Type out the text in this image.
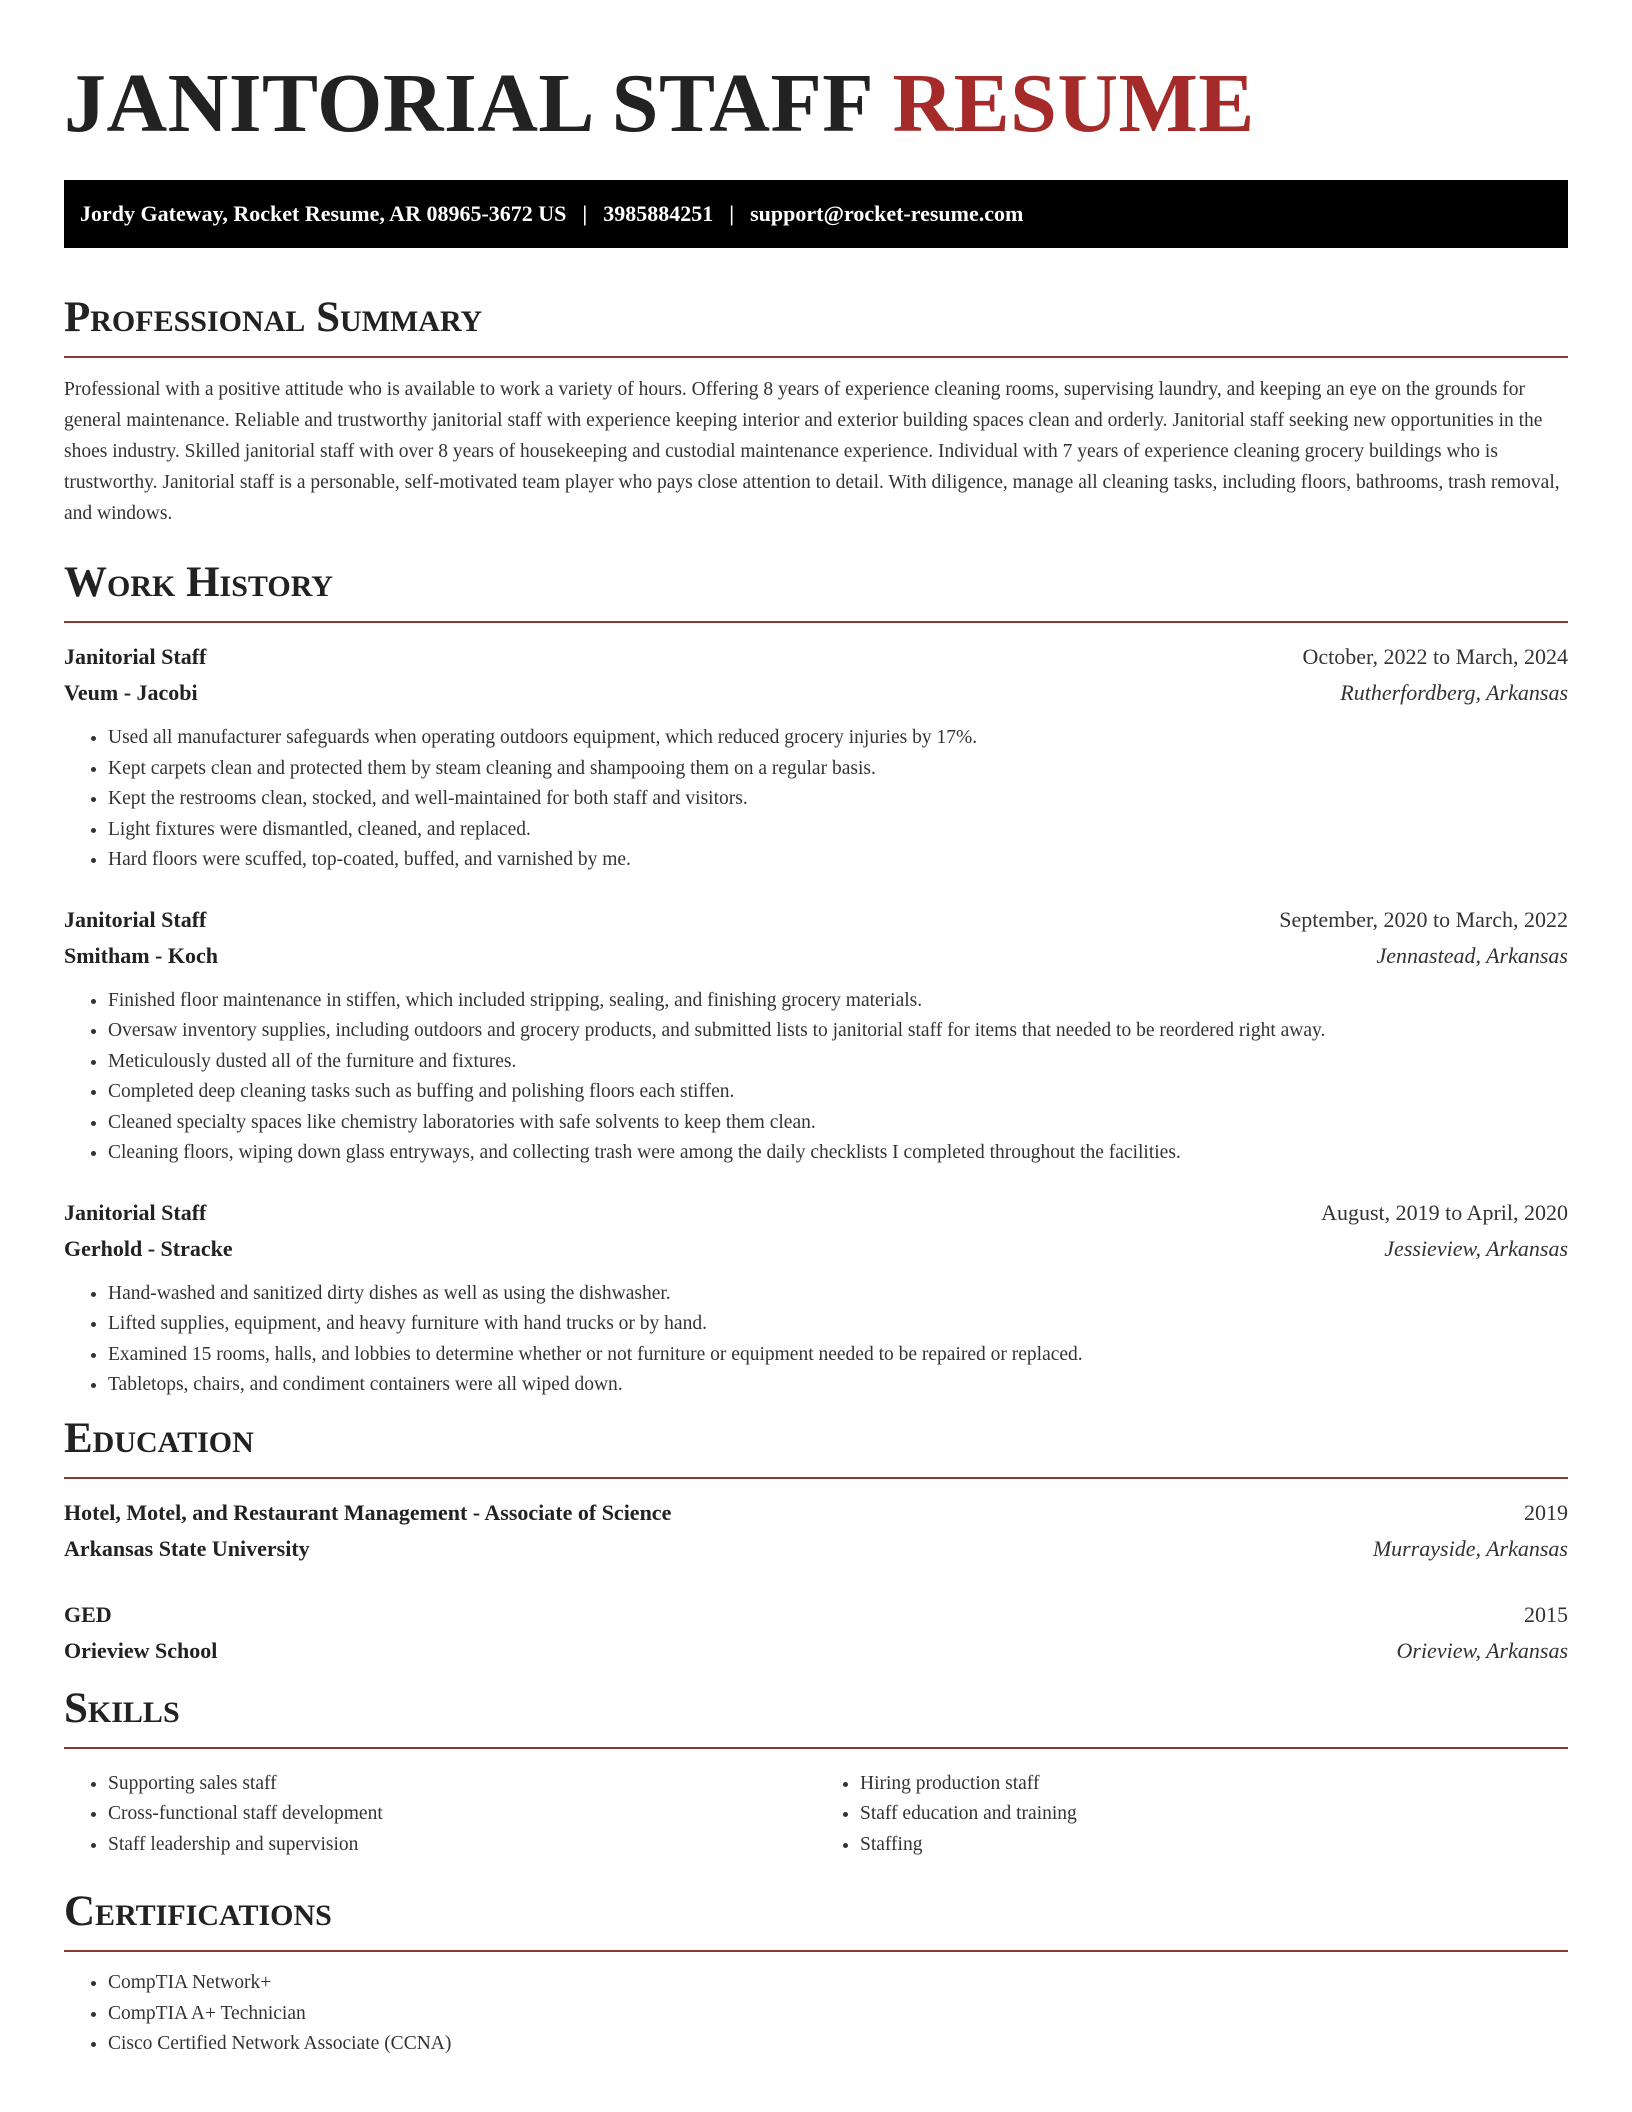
JANITORIAL STAFF RESUME
Jordy Gateway, Rocket Resume, AR 08965-3672 US | 3985884251 | support@rocket-resume.com
Professional Summary

Professional with a positive attitude who is available to work a variety of hours. Offering 8 years of experience cleaning rooms, supervising laundry, and keeping an eye on the grounds for general maintenance. Reliable and trustworthy janitorial staff with experience keeping interior and exterior building spaces clean and orderly. Janitorial staff seeking new opportunities in the shoes industry. Skilled janitorial staff with over 8 years of housekeeping and custodial maintenance experience. Individual with 7 years of experience cleaning grocery buildings who is trustworthy. Janitorial staff is a personable, self-motivated team player who pays close attention to detail. With diligence, manage all cleaning tasks, including floors, bathrooms, trash removal, and windows.

Work History
Janitorial Staff	October, 2022 to March, 2024
Veum - Jacobi	Rutherfordberg, Arkansas
• Used all manufacturer safeguards when operating outdoors equipment, which reduced grocery injuries by 17%.
• Kept carpets clean and protected them by steam cleaning and shampooing them on a regular basis.
• Kept the restrooms clean, stocked, and well-maintained for both staff and visitors.
• Light fixtures were dismantled, cleaned, and replaced.
• Hard floors were scuffed, top-coated, buffed, and varnished by me.
Janitorial Staff	September, 2020 to March, 2022
Smitham - Koch	Jennastead, Arkansas
• Finished floor maintenance in stiffen, which included stripping, sealing, and finishing grocery materials.
• Oversaw inventory supplies, including outdoors and grocery products, and submitted lists to janitorial staff for items that needed to be reordered right away.
• Meticulously dusted all of the furniture and fixtures.
• Completed deep cleaning tasks such as buffing and polishing floors each stiffen.
• Cleaned specialty spaces like chemistry laboratories with safe solvents to keep them clean.
• Cleaning floors, wiping down glass entryways, and collecting trash were among the daily checklists I completed throughout the facilities.
Janitorial Staff	August, 2019 to April, 2020
Gerhold - Stracke	Jessieview, Arkansas
• Hand-washed and sanitized dirty dishes as well as using the dishwasher.
• Lifted supplies, equipment, and heavy furniture with hand trucks or by hand.
• Examined 15 rooms, halls, and lobbies to determine whether or not furniture or equipment needed to be repaired or replaced.
• Tabletops, chairs, and condiment containers were all wiped down.
Education
Hotel, Motel, and Restaurant Management - Associate of Science	2019
Arkansas State University	Murrayside, Arkansas
GED	2015
Orieview School	Orieview, Arkansas
Skills
• Supporting sales staff
• Cross-functional staff development
• Staff leadership and supervision
• Hiring production staff
• Staff education and training
• Staffing
Certifications
• CompTIA Network+
• CompTIA A+ Technician
• Cisco Certified Network Associate (CCNA)
